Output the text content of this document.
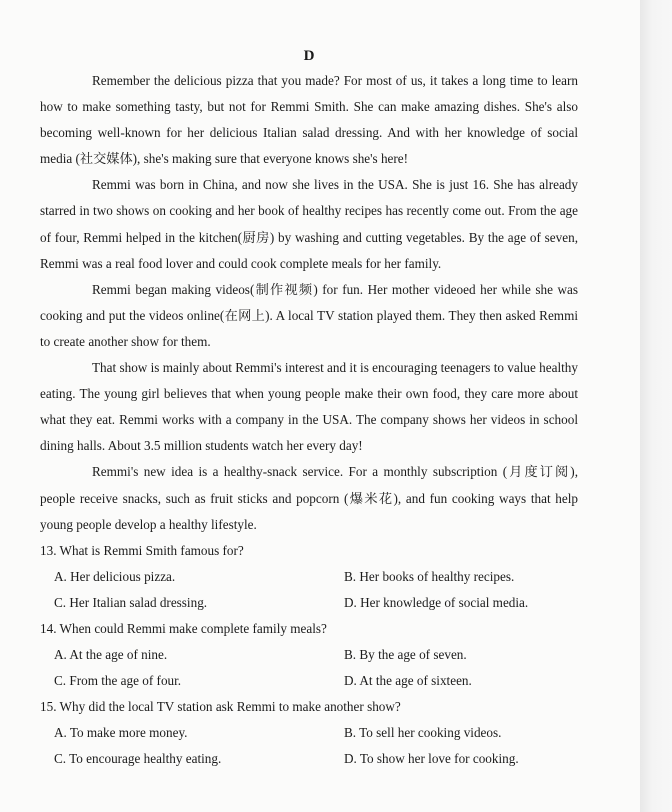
D

Remember the delicious pizza that you made? For most of us, it takes a long time to learn how to make something tasty, but not for Remmi Smith. She can make amazing dishes. She's also becoming well-known for her delicious Italian salad dressing. And with her knowledge of social media (社交媒体), she's making sure that everyone knows she's here!

Remmi was born in China, and now she lives in the USA. She is just 16. She has already starred in two shows on cooking and her book of healthy recipes has recently come out. From the age of four, Remmi helped in the kitchen(厨房) by washing and cutting vegetables. By the age of seven, Remmi was a real food lover and could cook complete meals for her family.

Remmi began making videos(制作视频) for fun. Her mother videoed her while she was cooking and put the videos online(在网上). A local TV station played them. They then asked Remmi to create another show for them.

That show is mainly about Remmi's interest and it is encouraging teenagers to value healthy eating. The young girl believes that when young people make their own food, they care more about what they eat. Remmi works with a company in the USA. The company shows her videos in school dining halls. About 3.5 million students watch her every day!

Remmi's new idea is a healthy-snack service. For a monthly subscription (月度订阅), people receive snacks, such as fruit sticks and popcorn (爆米花), and fun cooking ways that help young people develop a healthy lifestyle.

13. What is Remmi Smith famous for?

A. Her delicious pizza.	B. Her books of healthy recipes.
C. Her Italian salad dressing.	D. Her knowledge of social media.

14. When could Remmi make complete family meals?

A. At the age of nine.	B. By the age of seven.
C. From the age of four.	D. At the age of sixteen.

15. Why did the local TV station ask Remmi to make another show?

A. To make more money.	B. To sell her cooking videos.
C. To encourage healthy eating.	D. To show her love for cooking.
